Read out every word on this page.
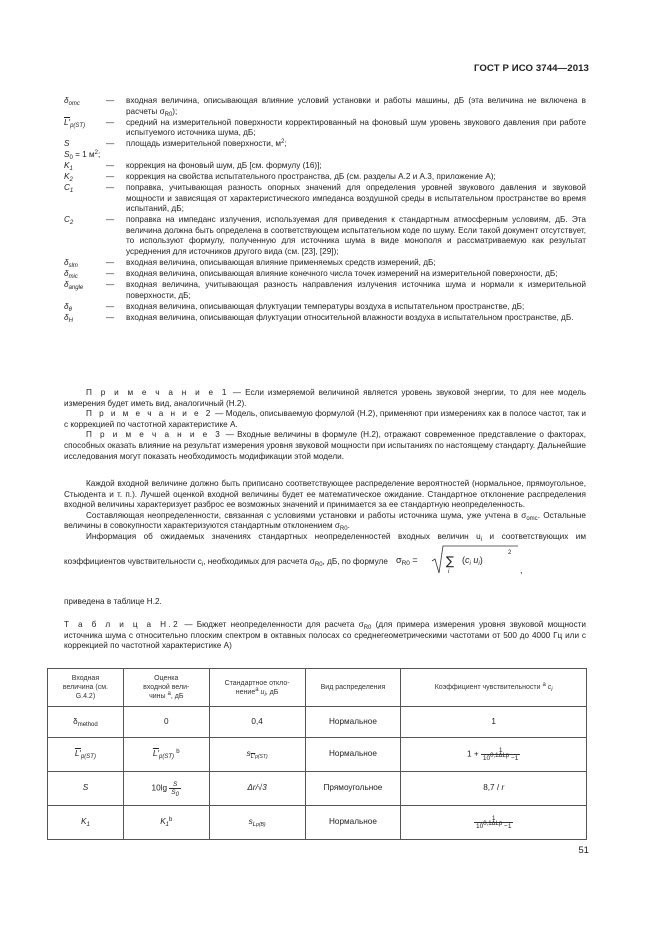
ГОСТ Р ИСО 3744—2013
$\delta_{omc}$	—	входная величина, описывающая влияние условий установки и работы машины, дБ (эта величина не включена в расчеты $\sigma_{R0}$);
$L'_{p(ST)}$	—	средний на измерительной поверхности корректированный на фоновый шум уровень звукового давления при работе испытуемого источника шума, дБ;
S	—	площадь измерительной поверхности, $м^2$;
$S_0 = 1$ $м^2$;
$K_1$	—	коррекция на фоновый шум, дБ [см. формулу (16)];
$K_2$	—	коррекция на свойства испытательного пространства, дБ (см. разделы А.2 и А.3, приложение А);
$C_1$	—	поправка, учитывающая разность опорных значений для определения уровней звукового давления и звуковой мощности и зависящая от характеристического импеданса воздушной среды в испытательном пространстве во время испытаний, дБ;
$C_2$	—	поправка на импеданс излучения, используемая для приведения к стандартным атмосферным условиям, дБ. Эта величина должна быть определена в соответствующем испытательном коде по шуму. Если такой документ отсутствует, то используют формулу, полученную для источника шума в виде монополя и рассматриваемую как результат усреднения для источников другого вида (см. [23], [29]);
$\delta_{slm}$	—	входная величина, описывающая влияние применяемых средств измерений, дБ;
$\delta_{mic}$	—	входная величина, описывающая влияние конечного числа точек измерений на измерительной поверхности, дБ;
$\delta_{angle}$	—	входная величина, учитывающая разность направления излучения источника шума и нормали к измерительной поверхности, дБ;
$\delta_\theta$	—	входная величина, описывающая флуктуации температуры воздуха в испытательном пространстве, дБ;
$\delta_H$	—	входная величина, описывающая флуктуации относительной влажности воздуха в испытательном пространстве, дБ.

П р и м е ч а н и е 1 — Если измеряемой величиной является уровень звуковой энергии, то для нее модель измерения будет иметь вид, аналогичный (Н.2).

П р и м е ч а н и е 2 — Модель, описываемую формулой (Н.2), применяют при измерениях как в полосе частот, так и с коррекцией по частотной характеристике А.

П р и м е ч а н и е 3 — Входные величины в формуле (Н.2), отражают современное представление о факторах, способных оказать влияние на результат измерения уровня звуковой мощности при испытаниях по настоящему стандарту. Дальнейшие исследования могут показать необходимость модификации этой модели.

Каждой входной величине должно быть приписано соответствующее распределение вероятностей (нормальное, прямоугольное, Стьюдента и т. п.). Лучшей оценкой входной величины будет ее математическое ожидание. Стандартное отклонение распределения входной величины характеризует разброс ее возможных значений и принимается за ее стандартную неопределенность.

Составляющая неопределенности, связанная с условиями установки и работы источника шума, уже учтена в $\sigma_{omc}$. Остальные величины в совокупности характеризуются стандартным отклонением $\sigma_{R0}$.

Информация об ожидаемых значениях стандартных неопределенностей входных величин $u_i$ и соответствующих им коэффициентов чувствительности $c_i$, необходимых для расчета $\sigma_{R0}$, дБ, по формуле $\sigma_{R0}$ = ∑
i
($c_i$ $u_i$)
2
,

приведена в таблице Н.2.
Т а б л и ц а Н.2 — Бюджет неопределенности для расчета $\sigma_{R0}$ (для примера измерения уровня звуковой мощности источника шума с относительно плоским спектром в октавных полосах со среднегеометрическими частотами от 500 до 4000 Гц или с коррекцией по частотной характеристике А)
Входная
величина (см.
G.4.2)	Оценка
входной вели-
чины $^a$, дБ	Стандартное откло-
нение$^a$ $u_i$, дБ	Вид распределения	Коэффициент чувствительности $^a$ $c_i$
$\delta_{method}$	0	0,4	Нормальное	1
$L'_{p(ST)}$	$L'_{p(ST)}$ $^b$	$s_{L'p(ST)}$	Нормальное	$1 + \frac{1}{10^{0,1\Delta Lp} -1}$

S	$10\lg \frac{S}{S_0}$	Δr/√3	Прямоугольное	8,7 / r
$K_1$	$K_1^b$	$s_{Lp(B)}$	Нормальное	$\frac{1}{10^{0,1\Delta Lp} -1}$
51
